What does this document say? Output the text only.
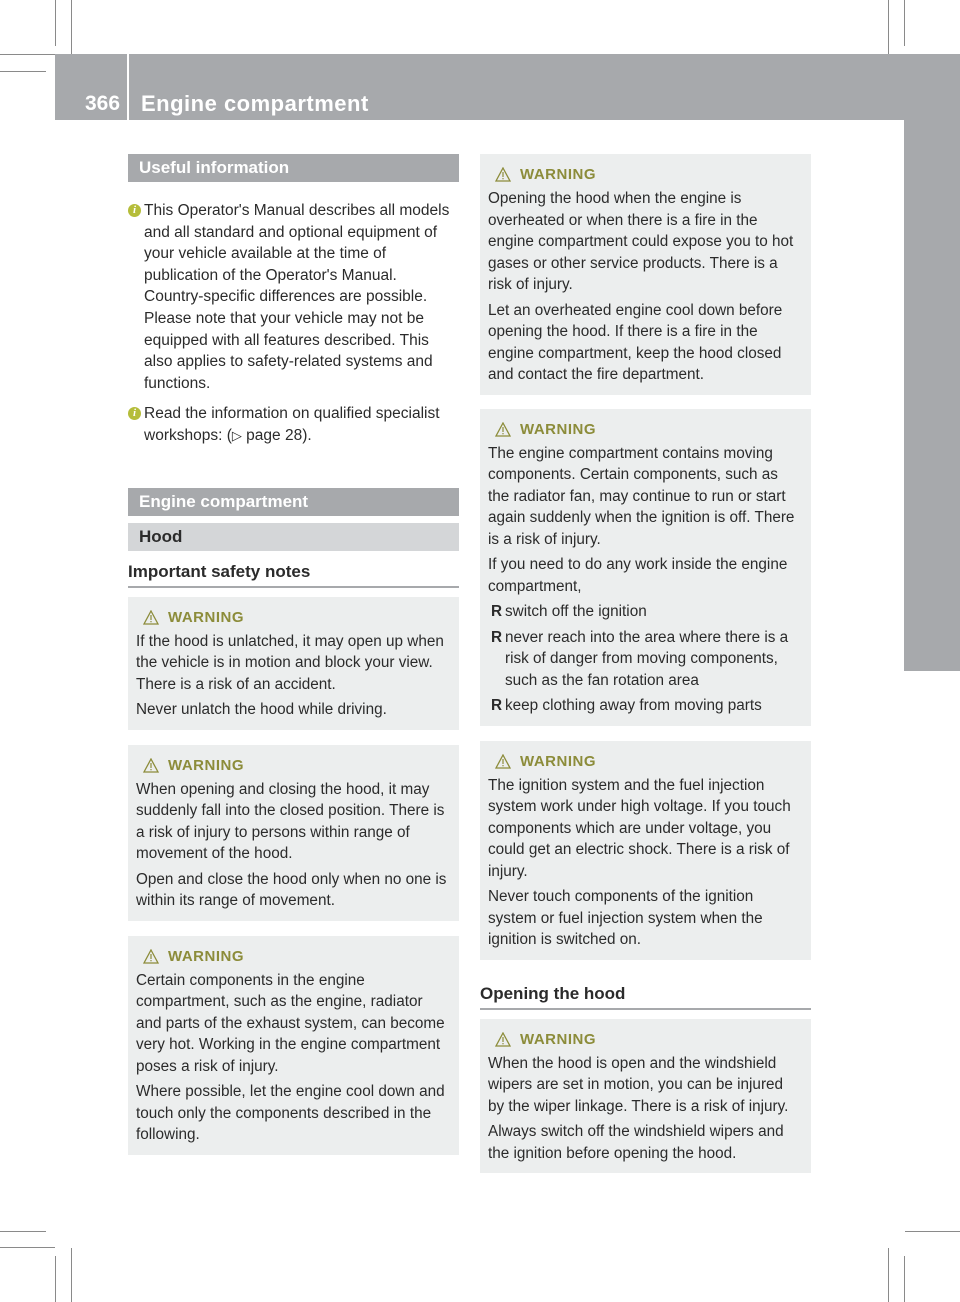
366 Engine compartment
Maintenance and care
Useful information
i This Operator's Manual describes all models and all standard and optional equipment of your vehicle available at the time of publication of the Operator's Manual. Country-specific differences are possible. Please note that your vehicle may not be equipped with all features described. This also applies to safety-related systems and functions.
i Read the information on qualified specialist workshops: (▷ page 28).
Engine compartment
Hood
Important safety notes
WARNING

If the hood is unlatched, it may open up when the vehicle is in motion and block your view. There is a risk of an accident.

Never unlatch the hood while driving.

WARNING

When opening and closing the hood, it may suddenly fall into the closed position. There is a risk of injury to persons within range of movement of the hood.

Open and close the hood only when no one is within its range of movement.

WARNING

Certain components in the engine compartment, such as the engine, radiator and parts of the exhaust system, can become very hot. Working in the engine compartment poses a risk of injury.

Where possible, let the engine cool down and touch only the components described in the following.

WARNING

Opening the hood when the engine is overheated or when there is a fire in the engine compartment could expose you to hot gases or other service products. There is a risk of injury.

Let an overheated engine cool down before opening the hood. If there is a fire in the engine compartment, keep the hood closed and contact the fire department.

WARNING

The engine compartment contains moving components. Certain components, such as the radiator fan, may continue to run or start again suddenly when the ignition is off. There is a risk of injury.

If you need to do any work inside the engine compartment,

R switch off the ignition
R never reach into the area where there is a risk of danger from moving components, such as the fan rotation area
R keep clothing away from moving parts
WARNING

The ignition system and the fuel injection system work under high voltage. If you touch components which are under voltage, you could get an electric shock. There is a risk of injury.

Never touch components of the ignition system or fuel injection system when the ignition is switched on.

Opening the hood
WARNING

When the hood is open and the windshield wipers are set in motion, you can be injured by the wiper linkage. There is a risk of injury.

Always switch off the windshield wipers and the ignition before opening the hood.
